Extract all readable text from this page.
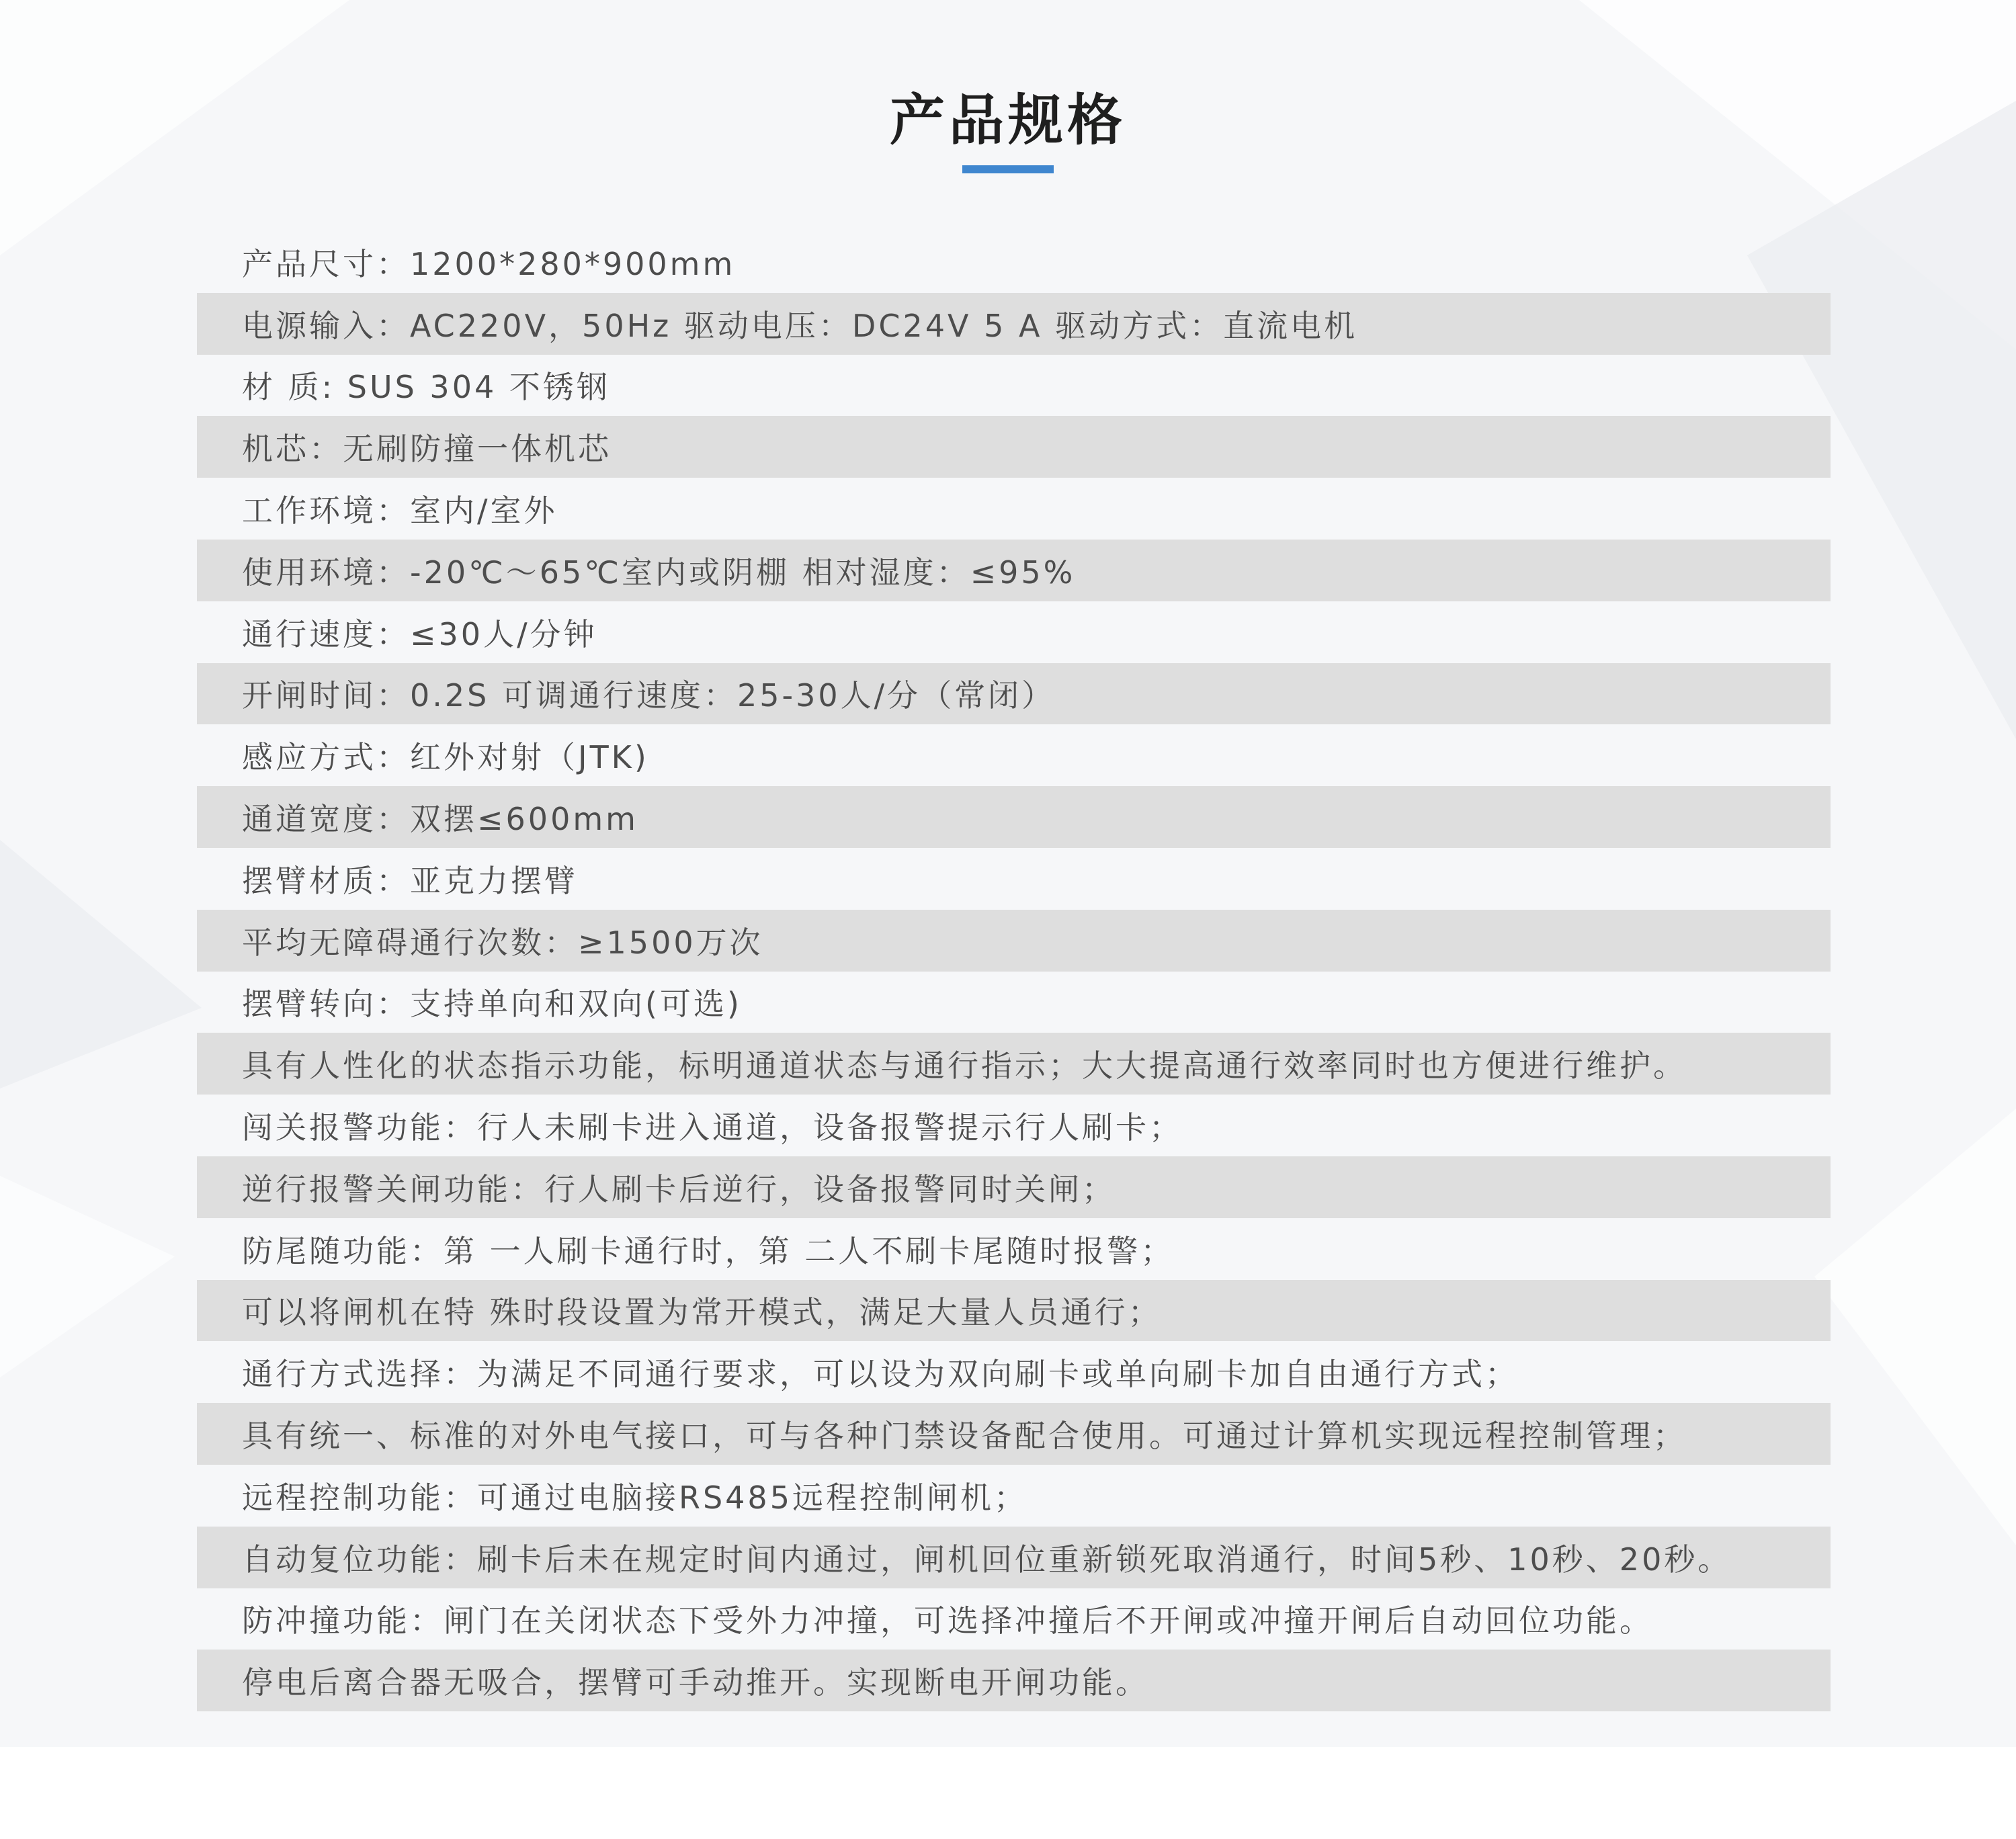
产品规格
产品尺寸：1200*280*900mm
电源输入：AC220V，50Hz 驱动电压：DC24V 5 A 驱动方式：直流电机
材 质: SUS 304 不锈钢
机芯：无刷防撞一体机芯
工作环境：室内/室外
使用环境：-20℃～65℃室内或阴棚 相对湿度：≤95%
通行速度：≤30人/分钟
开闸时间：0.2S 可调通行速度：25-30人/分（常闭）
感应方式：红外对射（JTK)
通道宽度：双摆≤600mm
摆臂材质：亚克力摆臂
平均无障碍通行次数：≥1500万次
摆臂转向：支持单向和双向(可选)
具有人性化的状态指示功能，标明通道状态与通行指示；大大提高通行效率同时也方便进行维护。
闯关报警功能：行人未刷卡进入通道，设备报警提示行人刷卡；
逆行报警关闸功能：行人刷卡后逆行，设备报警同时关闸；
防尾随功能：第 一人刷卡通行时，第 二人不刷卡尾随时报警；
可以将闸机在特 殊时段设置为常开模式，满足大量人员通行；
通行方式选择：为满足不同通行要求，可以设为双向刷卡或单向刷卡加自由通行方式；
具有统一、标准的对外电气接口，可与各种门禁设备配合使用。可通过计算机实现远程控制管理；
远程控制功能：可通过电脑接RS485远程控制闸机；
自动复位功能：刷卡后未在规定时间内通过，闸机回位重新锁死取消通行，时间5秒、10秒、20秒。
防冲撞功能：闸门在关闭状态下受外力冲撞，可选择冲撞后不开闸或冲撞开闸后自动回位功能。
停电后离合器无吸合，摆臂可手动推开。实现断电开闸功能。
